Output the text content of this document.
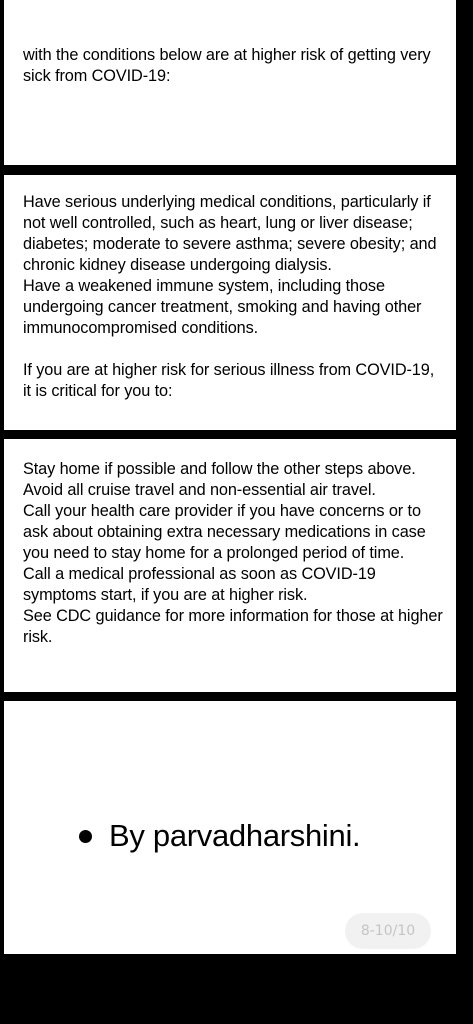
with the conditions below are at higher risk of getting very sick from COVID-19:

Have serious underlying medical conditions, particularly if not well controlled, such as heart, lung or liver disease; diabetes; moderate to severe asthma; severe obesity; and chronic kidney disease undergoing dialysis.

Have a weakened immune system, including those undergoing cancer treatment, smoking and having other immunocompromised conditions.

If you are at higher risk for serious illness from COVID-19, it is critical for you to:

Stay home if possible and follow the other steps above. Avoid all cruise travel and non-essential air travel.

Call your health care provider if you have concerns or to ask about obtaining extra necessary medications in case you need to stay home for a prolonged period of time.

Call a medical professional as soon as COVID-19 symptoms start, if you are at higher risk.

See CDC guidance for more information for those at higher risk.

By parvadharshini.
8-10/10
